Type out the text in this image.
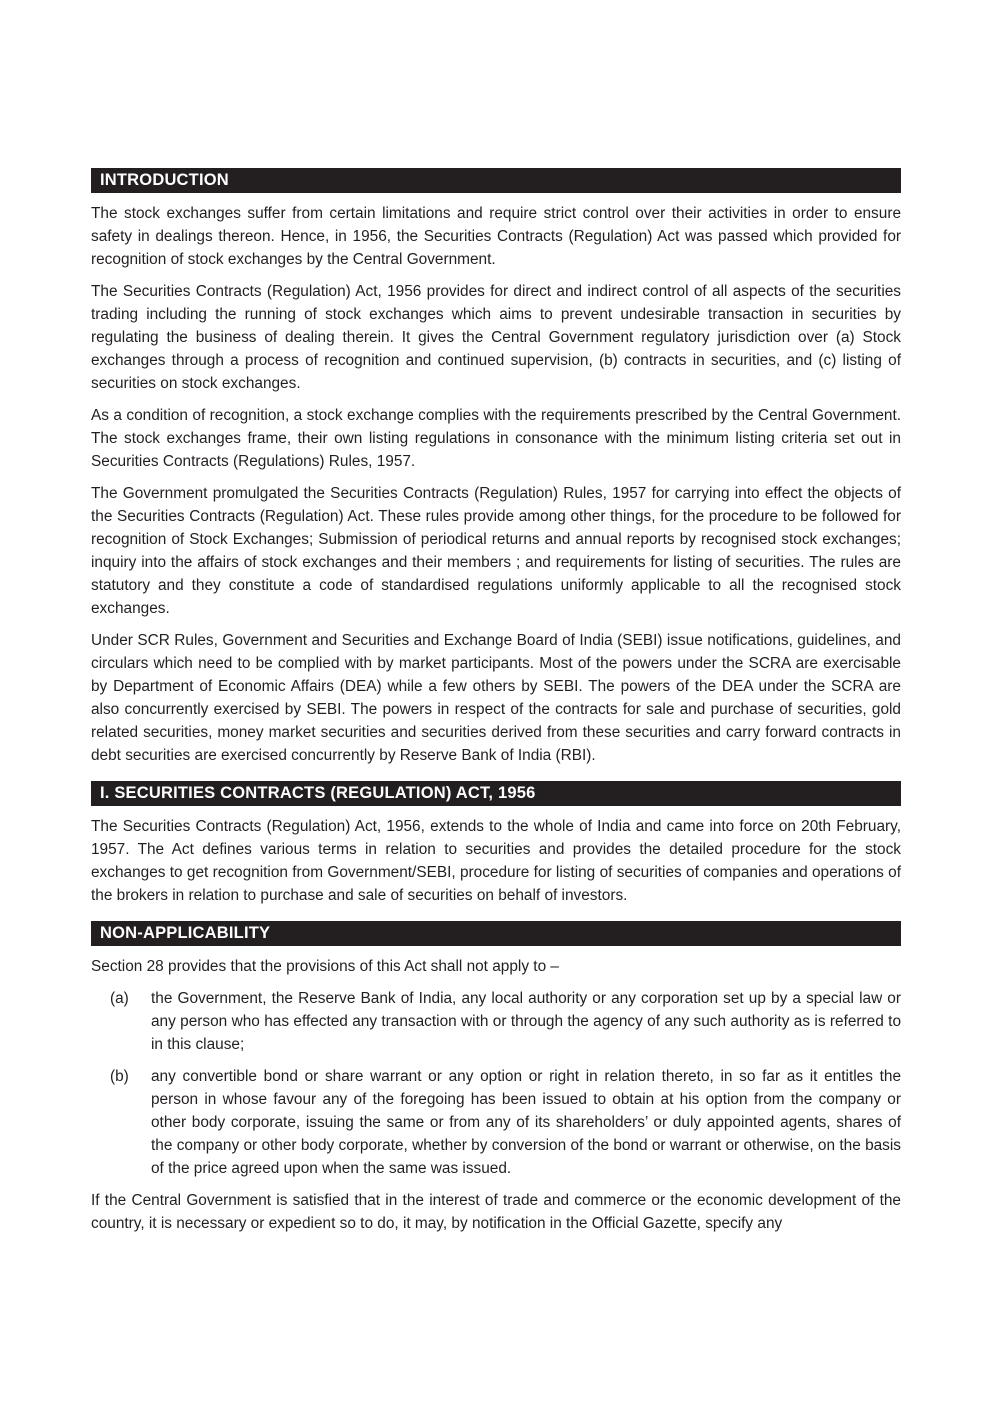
INTRODUCTION

The stock exchanges suffer from certain limitations and require strict control over their activities in order to ensure safety in dealings thereon. Hence, in 1956, the Securities Contracts (Regulation) Act was passed which provided for recognition of stock exchanges by the Central Government.

The Securities Contracts (Regulation) Act, 1956 provides for direct and indirect control of all aspects of the securities trading including the running of stock exchanges which aims to prevent undesirable transaction in securities by regulating the business of dealing therein. It gives the Central Government regulatory jurisdiction over (a) Stock exchanges through a process of recognition and continued supervision, (b) contracts in securities, and (c) listing of securities on stock exchanges.

As a condition of recognition, a stock exchange complies with the requirements prescribed by the Central Government. The stock exchanges frame, their own listing regulations in consonance with the minimum listing criteria set out in Securities Contracts (Regulations) Rules, 1957.

The Government promulgated the Securities Contracts (Regulation) Rules, 1957 for carrying into effect the objects of the Securities Contracts (Regulation) Act. These rules provide among other things, for the procedure to be followed for recognition of Stock Exchanges; Submission of periodical returns and annual reports by recognised stock exchanges; inquiry into the affairs of stock exchanges and their members ; and requirements for listing of securities. The rules are statutory and they constitute a code of standardised regulations uniformly applicable to all the recognised stock exchanges.

Under SCR Rules, Government and Securities and Exchange Board of India (SEBI) issue notifications, guidelines, and circulars which need to be complied with by market participants. Most of the powers under the SCRA are exercisable by Department of Economic Affairs (DEA) while a few others by SEBI. The powers of the DEA under the SCRA are also concurrently exercised by SEBI. The powers in respect of the contracts for sale and purchase of securities, gold related securities, money market securities and securities derived from these securities and carry forward contracts in debt securities are exercised concurrently by Reserve Bank of India (RBI).

I. SECURITIES CONTRACTS (REGULATION) ACT, 1956

The Securities Contracts (Regulation) Act, 1956, extends to the whole of India and came into force on 20th February, 1957. The Act defines various terms in relation to securities and provides the detailed procedure for the stock exchanges to get recognition from Government/SEBI, procedure for listing of securities of companies and operations of the brokers in relation to purchase and sale of securities on behalf of investors.

NON-APPLICABILITY

Section 28 provides that the provisions of this Act shall not apply to –

(a)	the Government, the Reserve Bank of India, any local authority or any corporation set up by a special law or any person who has effected any transaction with or through the agency of any such authority as is referred to in this clause;
(b)	any convertible bond or share warrant or any option or right in relation thereto, in so far as it entitles the person in whose favour any of the foregoing has been issued to obtain at his option from the company or other body corporate, issuing the same or from any of its shareholders’ or duly appointed agents, shares of the company or other body corporate, whether by conversion of the bond or warrant or otherwise, on the basis of the price agreed upon when the same was issued.

If the Central Government is satisfied that in the interest of trade and commerce or the economic development of the country, it is necessary or expedient so to do, it may, by notification in the Official Gazette, specify any
